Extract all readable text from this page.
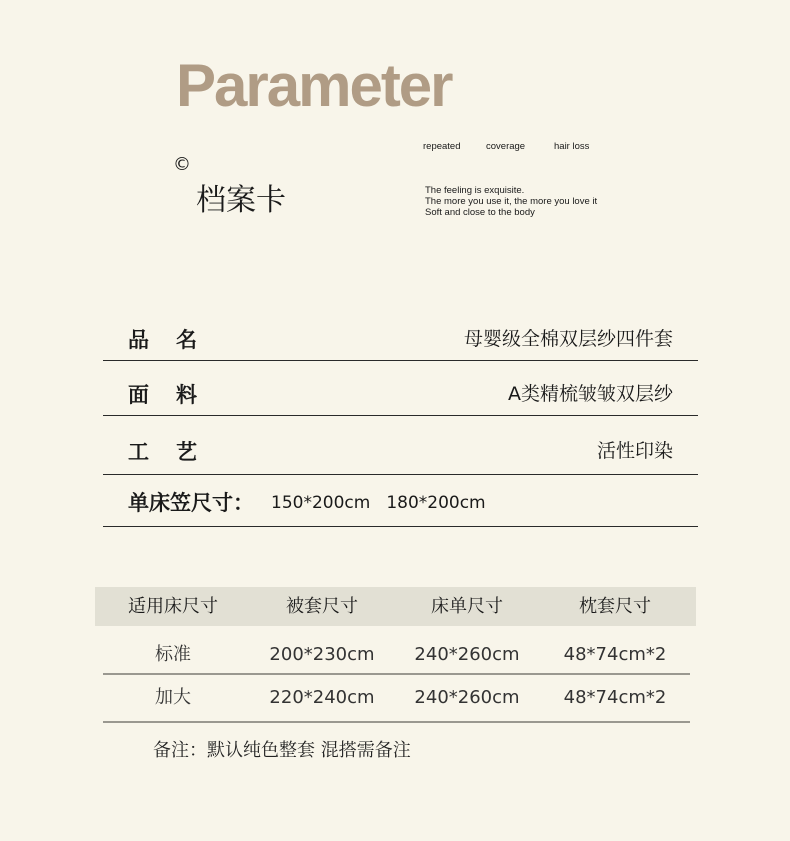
Parameter
©
档案卡
repeated	coverage	hair loss
The feeling is exquisite.
The more you use it, the more you love it
Soft and close to the body
品 名	母婴级全棉双层纱四件套
面 料	A类精梳皱皱双层纱
工 艺	活性印染
单床笠尺寸： 150*200cm 180*200cm
适用床尺寸	被套尺寸	床单尺寸	枕套尺寸
标准	200*230cm	240*260cm	48*74cm*2
加大	220*240cm	240*260cm	48*74cm*2
备注：默认纯色整套 混搭需备注
